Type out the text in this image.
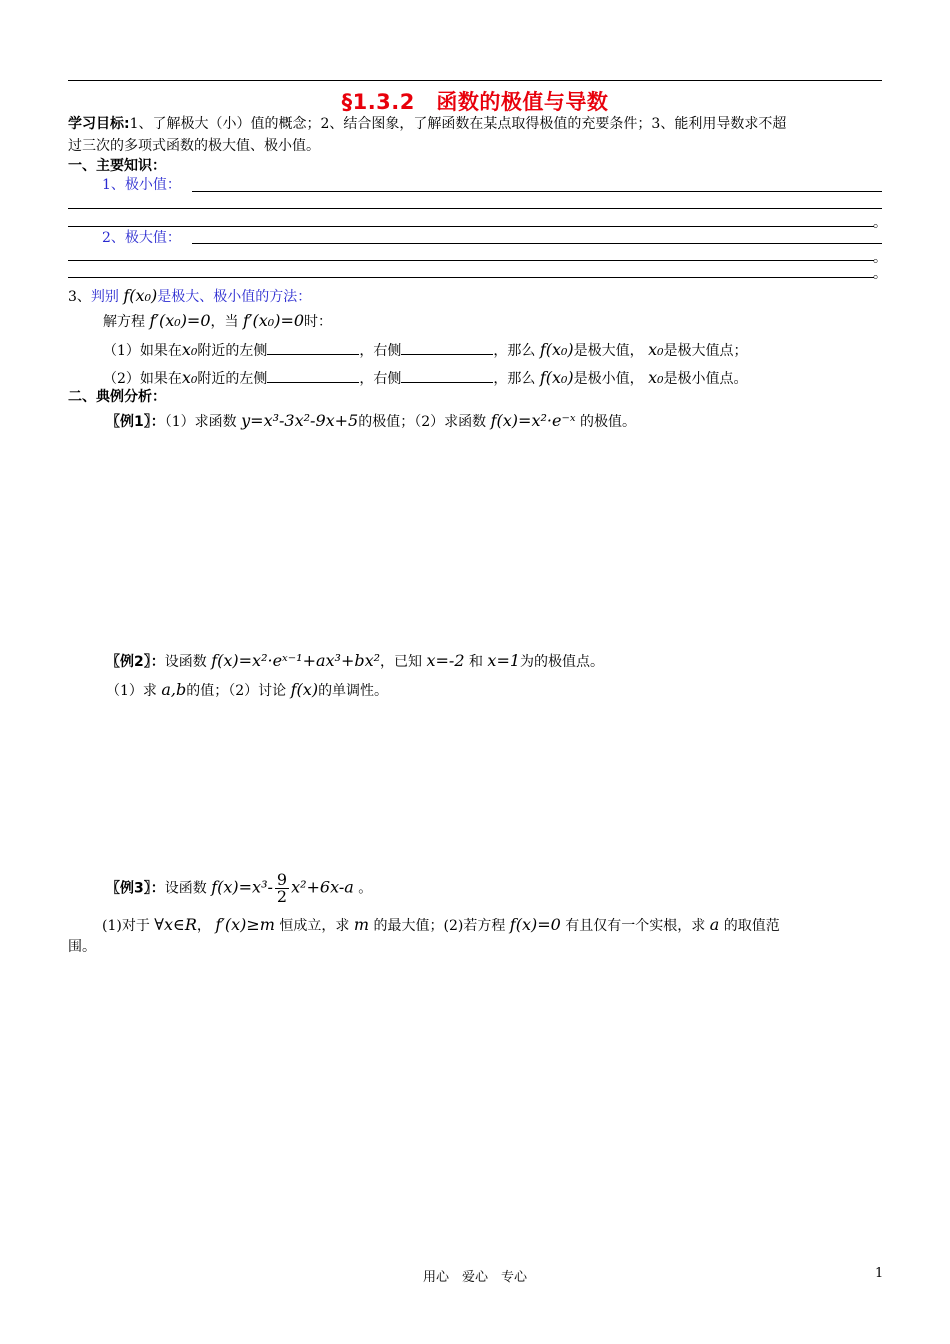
§1.3.2　函数的极值与导数
学习目标:1、了解极大（小）值的概念；2、结合图象，了解函数在某点取得极值的充要条件；3、能利用导数求不超
过三次的多项式函数的极大值、极小值。
一、主要知识：
1、极小值：
。
2、极大值：
。
。
3、判别 f(x₀)是极大、极小值的方法：
解方程 f′(x₀)=0，当 f′(x₀)=0时：
（1）如果在x₀附近的左侧	，右侧	，那么 f(x₀)是极大值， x₀是极大值点；
（2）如果在x₀附近的左侧	，右侧	，那么 f(x₀)是极小值， x₀是极小值点。
二、典例分析：
〖例1〗：（1）求函数 y=x³-3x²-9x+5的极值；（2）求函数 f(x)=x²·e⁻ˣ 的极值。
〖例2〗：设函数 f(x)=x²·eˣ⁻¹+ax³+bx²，已知 x=-2 和 x=1为的极值点。
（1）求 a,b的值；（2）讨论 f(x)的单调性。
〖例3〗：设函数 $f(x)=x^3- \frac{9}{2} x^2+6x-a$ 。
(1)对于 ∀x∈R， f′(x)≥m 恒成立，求 m 的最大值；(2)若方程 f(x)=0 有且仅有一个实根，求 a 的取值范
围。
用心　爱心　专心	1
